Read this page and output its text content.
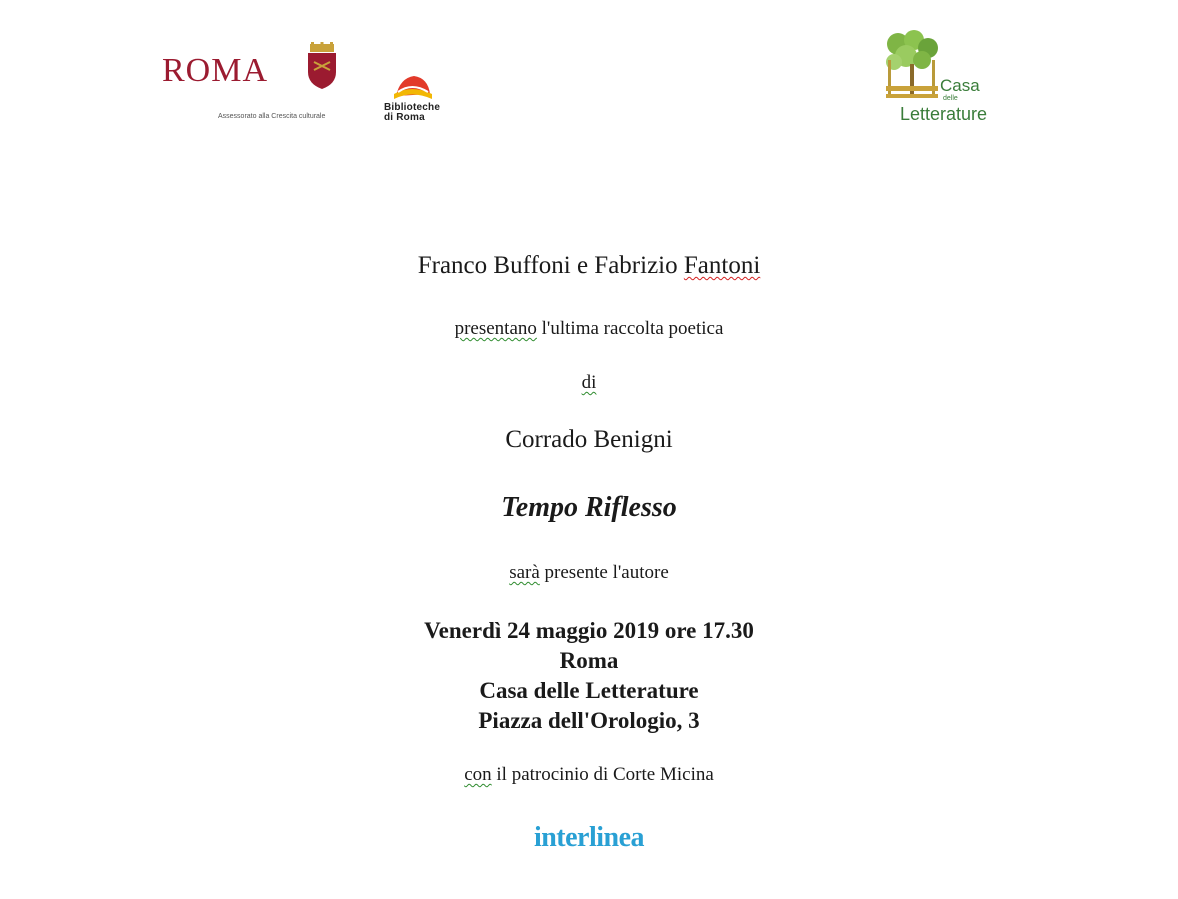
ROMA
Assessorato alla Crescita culturale
Biblioteche
di Roma
Casa
delle
Letterature
Franco Buffoni e Fabrizio Fantoni
presentano l'ultima raccolta poetica
di
Corrado Benigni
Tempo Riflesso
sarà presente l'autore
Venerdì 24 maggio 2019 ore 17.30
Roma
Casa delle Letterature
Piazza dell'Orologio, 3
con il patrocinio di Corte Micina
interlinea
